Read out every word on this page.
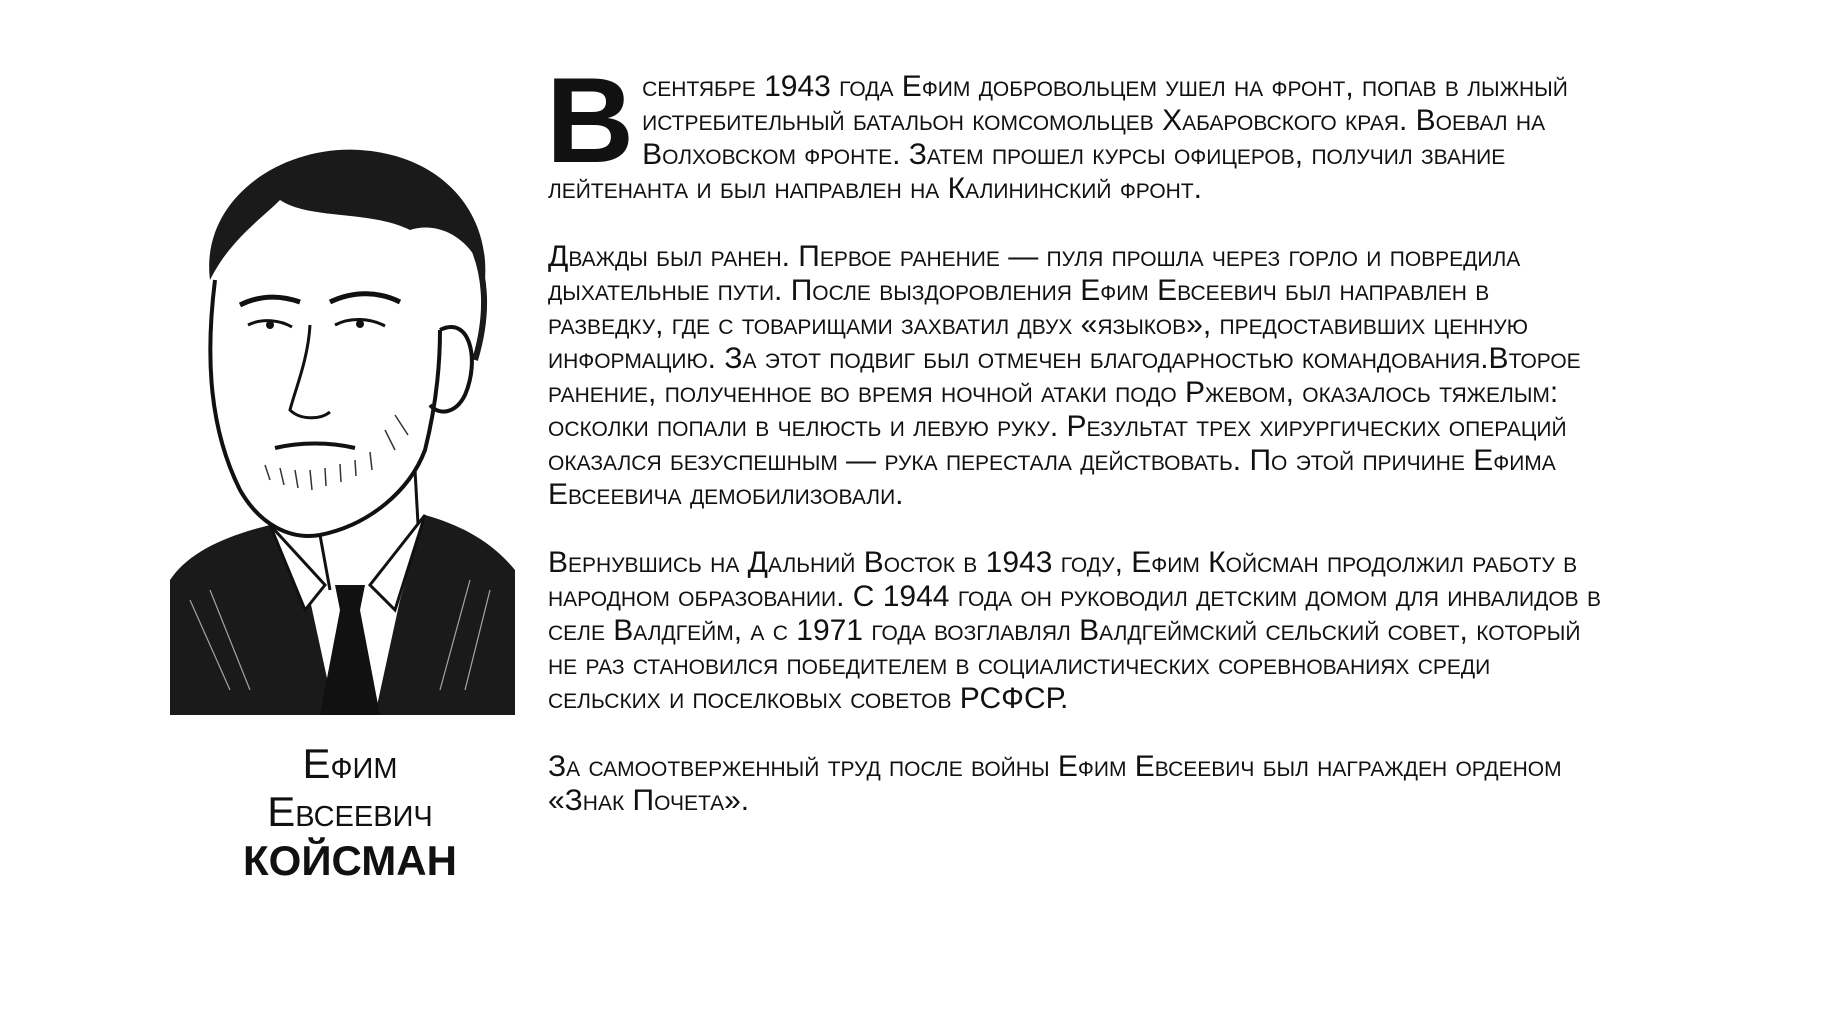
Ефим
Евсеевич
КОЙСМАН

В сентябре 1943 года Ефим добровольцем ушел на фронт, попав в лыжный истребительный батальон комсомольцев Хабаровского края. Воевал на Волховском фронте. Затем прошел курсы офицеров, получил звание лейтенанта и был направлен на Калининский фронт.

Дважды был ранен. Первое ранение — пуля прошла через горло и повредила дыхательные пути. После выздоровления Ефим Евсеевич был направлен в разведку, где с товарищами захватил двух «языков», предоставивших ценную информацию. За этот подвиг был отмечен благодарностью командования.Второе ранение, полученное во время ночной атаки подо Ржевом, оказалось тяжелым: осколки попали в челюсть и левую руку. Результат трех хирургических операций оказался безуспешным — рука перестала действовать. По этой причине Ефима Евсеевича демобилизовали.

Вернувшись на Дальний Восток в 1943 году, Ефим Койсман продолжил работу в народном образовании. С 1944 года он руководил детским домом для инвалидов в селе Валдгейм, а с 1971 года возглавлял Валдгеймский сельский совет, который не раз становился победителем в социалистических соревнованиях среди сельских и поселковых советов РСФСР.

За самоотверженный труд после войны Ефим Евсеевич был награжден орденом «Знак Почета».
